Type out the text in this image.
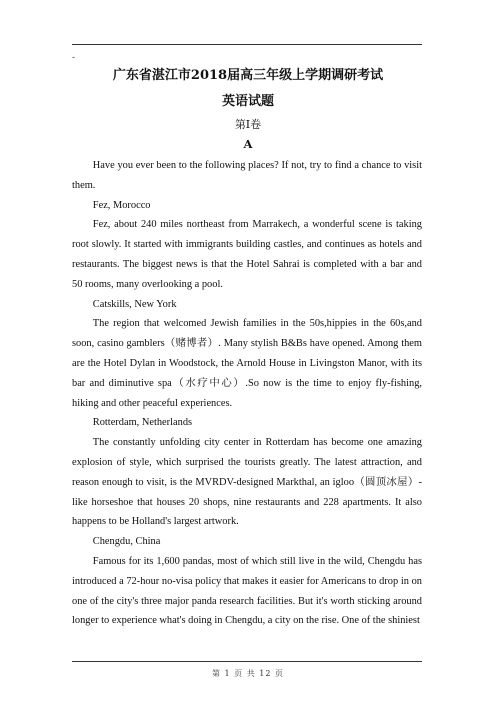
-
广东省湛江市2018届高三年级上学期调研考试
英语试题
第Ⅰ卷
A

Have you ever been to the following places? If not, try to find a chance to visit them.

Fez, Morocco

Fez, about 240 miles northeast from Marrakech, a wonderful scene is taking root slowly. It started with immigrants building castles, and continues as hotels and restaurants. The biggest news is that the Hotel Sahrai is completed with a bar and 50 rooms, many overlooking a pool.

Catskills, New York

The region that welcomed Jewish families in the 50s,hippies in the 60s,and soon, casino gamblers（赌博者）. Many stylish B&Bs have opened. Among them are the Hotel Dylan in Woodstock, the Arnold House in Livingston Manor, with its bar and diminutive spa（水疗中心）.So now is the time to enjoy fly-fishing, hiking and other peaceful experiences.

Rotterdam, Netherlands

The constantly unfolding city center in Rotterdam has become one amazing explosion of style, which surprised the tourists greatly. The latest attraction, and reason enough to visit, is the MVRDV-designed Markthal, an igloo（圆顶冰屋）-like horseshoe that houses 20 shops, nine restaurants and 228 apartments. It also happens to be Holland's largest artwork.

Chengdu, China

Famous for its 1,600 pandas, most of which still live in the wild, Chengdu has introduced a 72-hour no-visa policy that makes it easier for Americans to drop in on one of the city's three major panda research facilities. But it's worth sticking around longer to experience what's doing in Chengdu, a city on the rise. One of the shiniest

第 1 页 共 12 页
